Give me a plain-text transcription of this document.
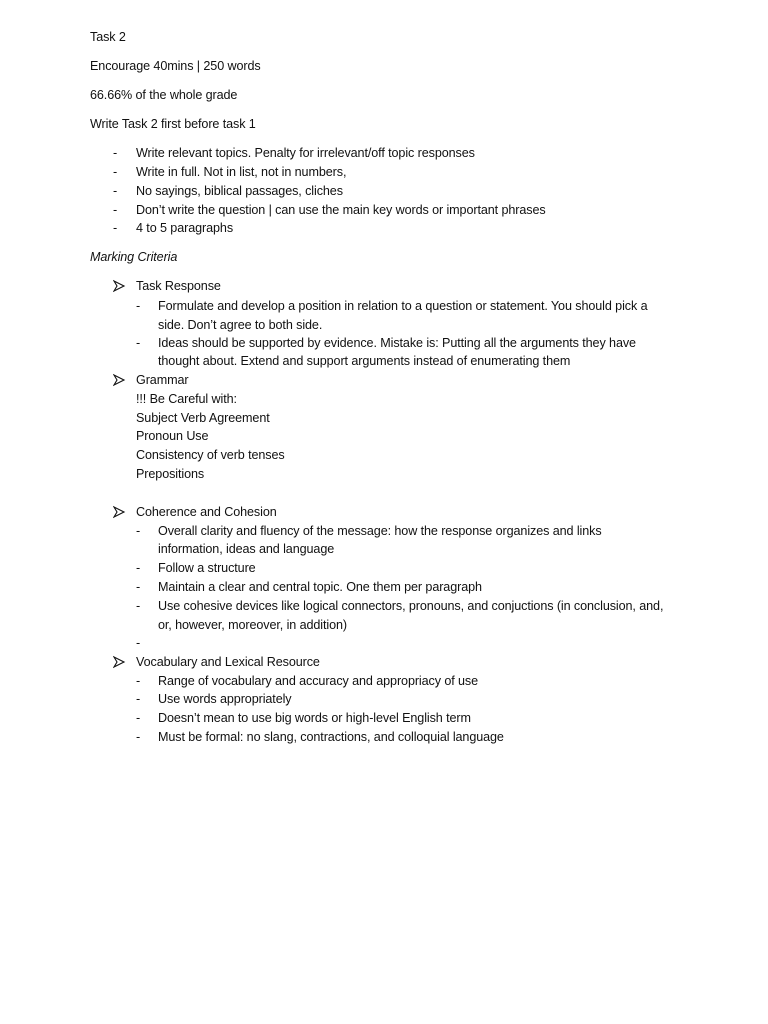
Task 2
Encourage 40mins | 250 words
66.66% of the whole grade
Write Task 2 first before task 1
- Write relevant topics. Penalty for irrelevant/off topic responses
- Write in full. Not in list, not in numbers,
- No sayings, biblical passages, cliches
- Don’t write the question | can use the main key words or important phrases
- 4 to 5 paragraphs
Marking Criteria
Task Response
- Formulate and develop a position in relation to a question or statement. You should pick a
side. Don’t agree to both side.
- Ideas should be supported by evidence. Mistake is: Putting all the arguments they have
thought about. Extend and support arguments instead of enumerating them
Grammar
!!! Be Careful with:
Subject Verb Agreement
Pronoun Use
Consistency of verb tenses
Prepositions
Coherence and Cohesion
- Overall clarity and fluency of the message: how the response organizes and links
information, ideas and language
- Follow a structure
- Maintain a clear and central topic. One them per paragraph
- Use cohesive devices like logical connectors, pronouns, and conjuctions (in conclusion, and,
or, however, moreover, in addition)
-
Vocabulary and Lexical Resource
- Range of vocabulary and accuracy and appropriacy of use
- Use words appropriately
- Doesn’t mean to use big words or high-level English term
- Must be formal: no slang, contractions, and colloquial language
